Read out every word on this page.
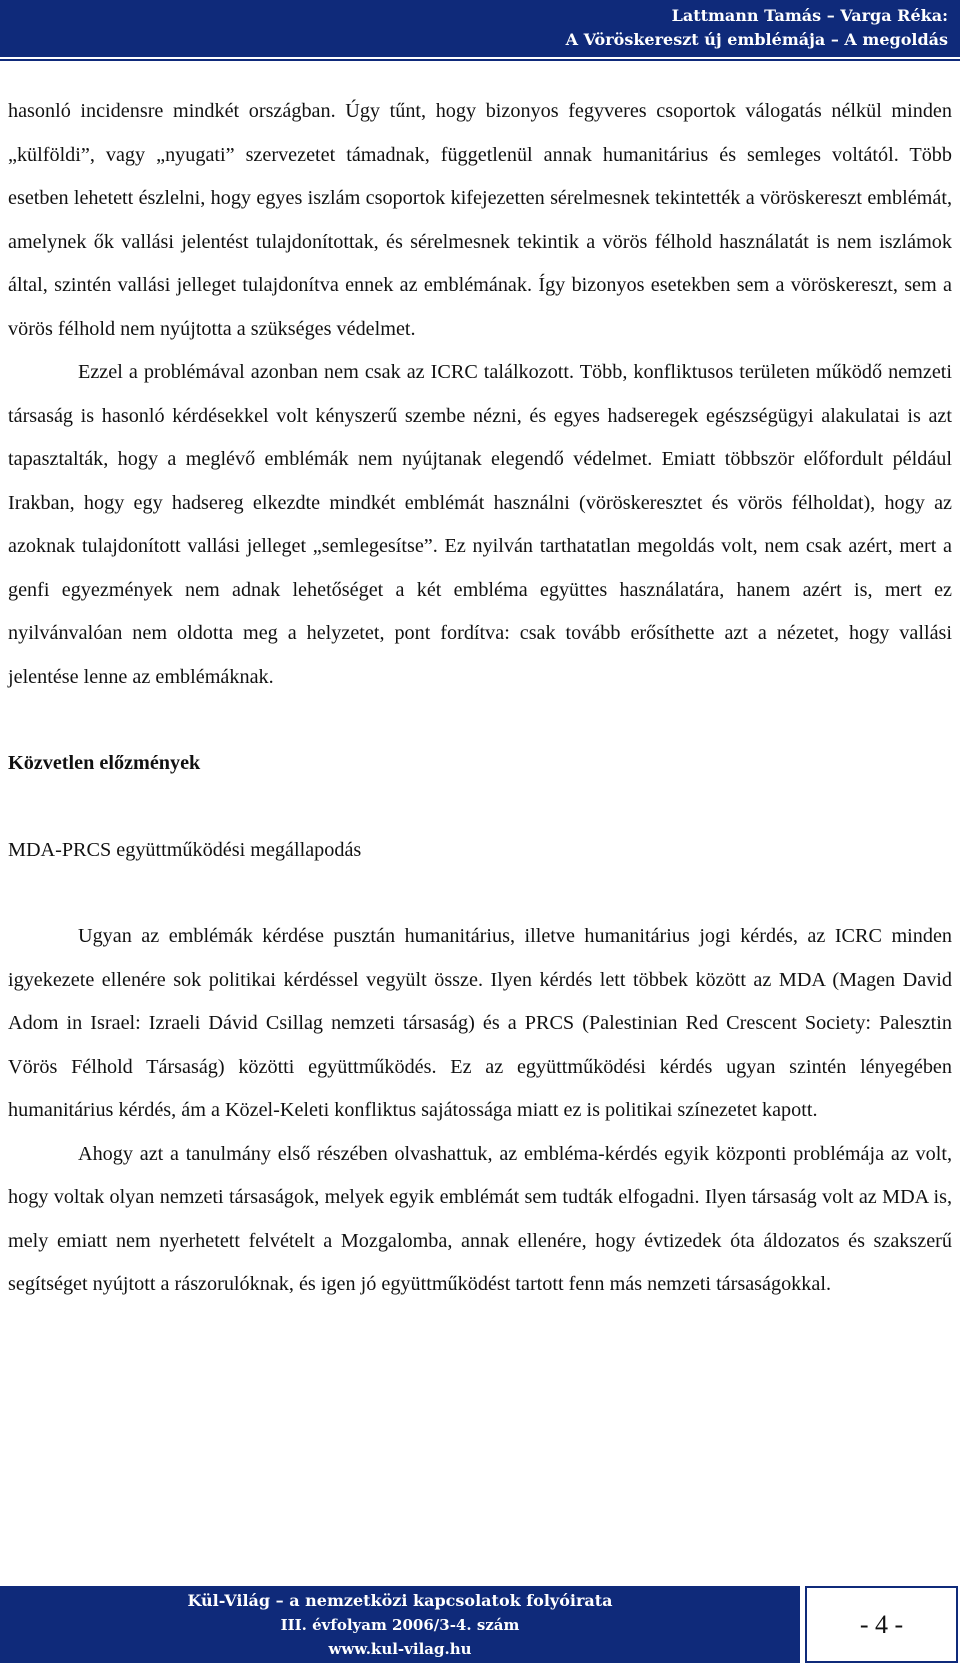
Lattmann Tamás – Varga Réka:
A Vöröskereszt új emblémája – A megoldás

hasonló incidensre mindkét országban. Úgy tűnt, hogy bizonyos fegyveres csoportok válogatás nélkül minden „külföldi”, vagy „nyugati” szervezetet támadnak, függetlenül annak humanitárius és semleges voltától. Több esetben lehetett észlelni, hogy egyes iszlám csoportok kifejezetten sérelmesnek tekintették a vöröskereszt emblémát, amelynek ők vallási jelentést tulajdonítottak, és sérelmesnek tekintik a vörös félhold használatát is nem iszlámok által, szintén vallási jelleget tulajdonítva ennek az emblémának. Így bizonyos esetekben sem a vöröskereszt, sem a vörös félhold nem nyújtotta a szükséges védelmet.

Ezzel a problémával azonban nem csak az ICRC találkozott. Több, konfliktusos területen működő nemzeti társaság is hasonló kérdésekkel volt kényszerű szembe nézni, és egyes hadseregek egészségügyi alakulatai is azt tapasztalták, hogy a meglévő emblémák nem nyújtanak elegendő védelmet. Emiatt többször előfordult például Irakban, hogy egy hadsereg elkezdte mindkét emblémát használni (vöröskeresztet és vörös félholdat), hogy az azoknak tulajdonított vallási jelleget „semlegesítse”. Ez nyilván tarthatatlan megoldás volt, nem csak azért, mert a genfi egyezmények nem adnak lehetőséget a két embléma együttes használatára, hanem azért is, mert ez nyilvánvalóan nem oldotta meg a helyzetet, pont fordítva: csak tovább erősíthette azt a nézetet, hogy vallási jelentése lenne az emblémáknak.

Közvetlen előzmények

MDA-PRCS együttműködési megállapodás

Ugyan az emblémák kérdése pusztán humanitárius, illetve humanitárius jogi kérdés, az ICRC minden igyekezete ellenére sok politikai kérdéssel vegyült össze. Ilyen kérdés lett többek között az MDA (Magen David Adom in Israel: Izraeli Dávid Csillag nemzeti társaság) és a PRCS (Palestinian Red Crescent Society: Palesztin Vörös Félhold Társaság) közötti együttműködés. Ez az együttműködési kérdés ugyan szintén lényegében humanitárius kérdés, ám a Közel-Keleti konfliktus sajátossága miatt ez is politikai színezetet kapott.

Ahogy azt a tanulmány első részében olvashattuk, az embléma-kérdés egyik központi problémája az volt, hogy voltak olyan nemzeti társaságok, melyek egyik emblémát sem tudták elfogadni. Ilyen társaság volt az MDA is, mely emiatt nem nyerhetett felvételt a Mozgalomba, annak ellenére, hogy évtizedek óta áldozatos és szakszerű segítséget nyújtott a rászorulóknak, és igen jó együttműködést tartott fenn más nemzeti társaságokkal.

Kül-Világ – a nemzetközi kapcsolatok folyóirata
III. évfolyam 2006/3-4. szám
www.kul-vilag.hu
- 4 -
